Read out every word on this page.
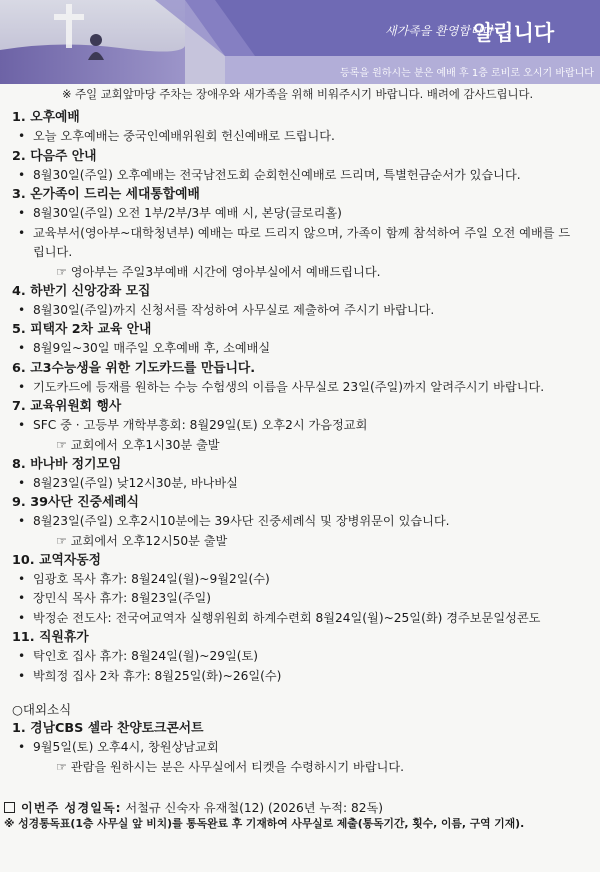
새가족을 환영합니다
알립니다
등록을 원하시는 분은 예배 후 1층 로비로 오시기 바랍니다
※ 주일 교회앞마당 주차는 장애우와 새가족을 위해 비워주시기 바랍니다. 배려에 감사드립니다.
1. 오후예배
• 오늘 오후예배는 중국인예배위원회 헌신예배로 드립니다.
2. 다음주 안내
• 8월30일(주일) 오후예배는 전국남전도회 순회헌신예배로 드리며, 특별헌금순서가 있습니다.
3. 온가족이 드리는 세대통합예배
• 8월30일(주일) 오전 1부/2부/3부 예배 시, 본당(글로리홀)
• 교육부서(영아부~대학청년부) 예배는 따로 드리지 않으며, 가족이 함께 참석하여 주일 오전 예배를 드립니다.
☞ 영아부는 주일3부예배 시간에 영아부실에서 예배드립니다.
4. 하반기 신앙강좌 모집
• 8월30일(주일)까지 신청서를 작성하여 사무실로 제출하여 주시기 바랍니다.
5. 피택자 2차 교육 안내
• 8월9일~30일 매주일 오후예배 후, 소예배실
6. 고3수능생을 위한 기도카드를 만듭니다.
• 기도카드에 등재를 원하는 수능 수험생의 이름을 사무실로 23일(주일)까지 알려주시기 바랍니다.
7. 교육위원회 행사
• SFC 중 · 고등부 개학부흥회: 8월29일(토) 오후2시 가음정교회
☞ 교회에서 오후1시30분 출발
8. 바나바 정기모임
• 8월23일(주일) 낮12시30분, 바나바실
9. 39사단 진중세례식
• 8월23일(주일) 오후2시10분에는 39사단 진중세례식 및 장병위문이 있습니다.
☞ 교회에서 오후12시50분 출발
10. 교역자동정
• 임광호 목사 휴가: 8월24일(월)~9월2일(수)
• 장민식 목사 휴가: 8월23일(주일)
• 박정순 전도사: 전국여교역자 실행위원회 하계수련회 8월24일(월)~25일(화) 경주보문일성콘도
11. 직원휴가
• 탁인호 집사 휴가: 8월24일(월)~29일(토)
• 박희정 집사 2차 휴가: 8월25일(화)~26일(수)
○대외소식
1. 경남CBS 셀라 찬양토크콘서트
• 9월5일(토) 오후4시, 창원상남교회
☞ 관람을 원하시는 분은 사무실에서 티켓을 수령하시기 바랍니다.
이번주 성경일독: 서철규 신숙자 유재철(12) (2026년 누적: 82독)
※ 성경통독표(1층 사무실 앞 비치)를 통독완료 후 기재하여 사무실로 제출(통독기간, 횟수, 이름, 구역 기재).
